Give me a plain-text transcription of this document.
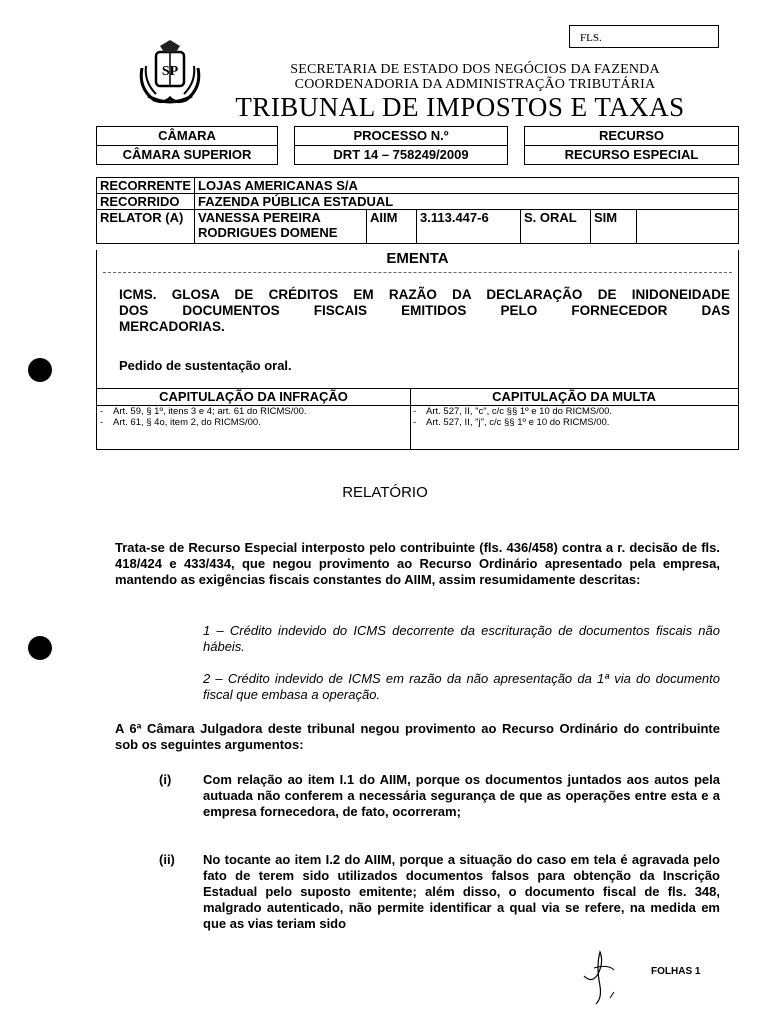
FLS.
SP	SECRETARIA DE ESTADO DOS NEGÓCIOS DA FAZENDA
COORDENADORIA DA ADMINISTRAÇÃO TRIBUTÁRIA
TRIBUNAL DE IMPOSTOS E TAXAS
CÂMARA
CÂMARA SUPERIOR
PROCESSO N.º
DRT 14 – 758249/2009
RECURSO
RECURSO ESPECIAL
RECORRENTE	LOJAS AMERICANAS S/A					
RECORRIDO	FAZENDA PÚBLICA ESTADUAL					
RELATOR (A)	VANESSA PEREIRA RODRIGUES DOMENE	AIIM	3.113.447-6	S. ORAL	SIM	
EMENTA
ICMS. GLOSA DE CRÉDITOS EM RAZÃO DA DECLARAÇÃO DE INIDONEIDADE
DOS DOCUMENTOS FISCAIS EMITIDOS PELO FORNECEDOR DAS
MERCADORIAS.
Pedido de sustentação oral.
CAPITULAÇÃO DA INFRAÇÃO
- Art. 59, § 1º, itens 3 e 4; art. 61 do RICMS/00.
- Art. 61, § 4o, item 2, do RICMS/00.
CAPITULAÇÃO DA MULTA
- Art. 527, II, "c", c/c §§ 1º e 10 do RICMS/00.
- Art. 527, II, "j", c/c §§ 1º e 10 do RICMS/00.
RELATÓRIO
Trata-se de Recurso Especial interposto pelo contribuinte (fls. 436/458) contra a r. decisão de fls. 418/424 e 433/434, que negou provimento ao Recurso Ordinário apresentado pela empresa, mantendo as exigências fiscais constantes do AIIM, assim resumidamente descritas:
1 – Crédito indevido do ICMS decorrente da escrituração de documentos fiscais não hábeis.
2 – Crédito indevido de ICMS em razão da não apresentação da 1ª via do documento fiscal que embasa a operação.
A 6ª Câmara Julgadora deste tribunal negou provimento ao Recurso Ordinário do contribuinte sob os seguintes argumentos:
(i) Com relação ao item I.1 do AIIM, porque os documentos juntados aos autos pela autuada não conferem a necessária segurança de que as operações entre esta e a empresa fornecedora, de fato, ocorreram;
(ii) No tocante ao item I.2 do AIIM, porque a situação do caso em tela é agravada pelo fato de terem sido utilizados documentos falsos para obtenção da Inscrição Estadual pelo suposto emitente; além disso, o documento fiscal de fls. 348, malgrado autenticado, não permite identificar a qual via se refere, na medida em que as vias teriam sido
FOLHAS 1
